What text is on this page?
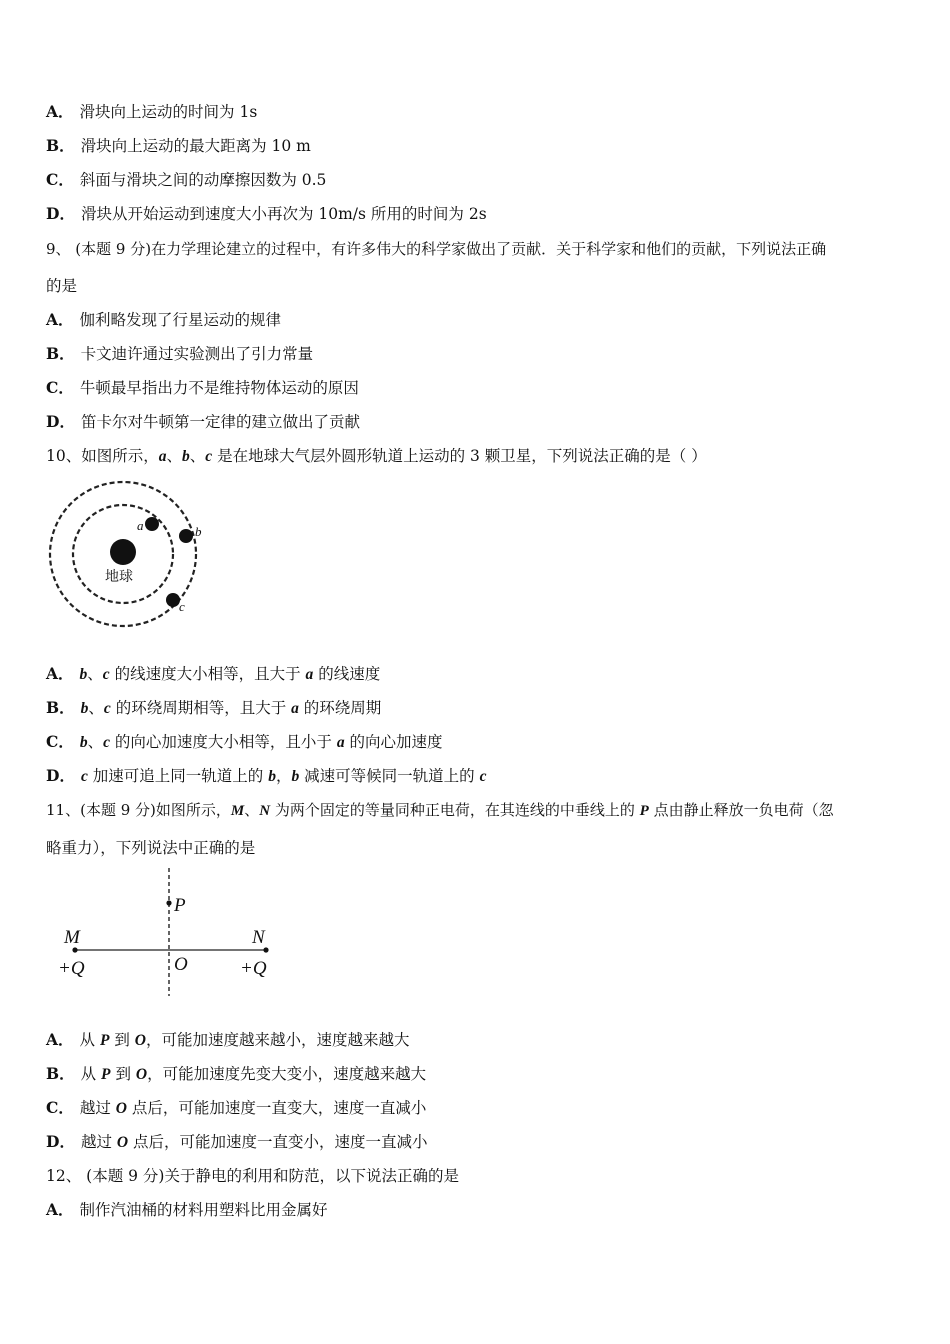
A． 滑块向上运动的时间为 1s
B． 滑块向上运动的最大距离为 10 m
C． 斜面与滑块之间的动摩擦因数为 0.5
D． 滑块从开始运动到速度大小再次为 10m/s 所用的时间为 2s
9、 (本题 9 分)在力学理论建立的过程中，有许多伟大的科学家做出了贡献．关于科学家和他们的贡献，下列说法正确
的是
A． 伽利略发现了行星运动的规律
B． 卡文迪许通过实验测出了引力常量
C． 牛顿最早指出力不是维持物体运动的原因
D． 笛卡尔对牛顿第一定律的建立做出了贡献
10、如图所示，a、b、c 是在地球大气层外圆形轨道上运动的 3 颗卫星，下列说法正确的是（ ）
地球
a	b
c
A． b、c 的线速度大小相等，且大于 a 的线速度
B． b、c 的环绕周期相等，且大于 a 的环绕周期
C． b、c 的向心加速度大小相等，且小于 a 的向心加速度
D． c 加速可追上同一轨道上的 b，b 减速可等候同一轨道上的 c
11、(本题 9 分)如图所示，M、N 为两个固定的等量同种正电荷，在其连线的中垂线上的 P 点由静止释放一负电荷（忽
略重力），下列说法中正确的是
P
M	N
O
+Q	+Q
A． 从 P 到 O，可能加速度越来越小，速度越来越大
B． 从 P 到 O，可能加速度先变大变小，速度越来越大
C． 越过 O 点后，可能加速度一直变大，速度一直减小
D． 越过 O 点后，可能加速度一直变小，速度一直减小
12、 (本题 9 分)关于静电的利用和防范，以下说法正确的是
A． 制作汽油桶的材料用塑料比用金属好
